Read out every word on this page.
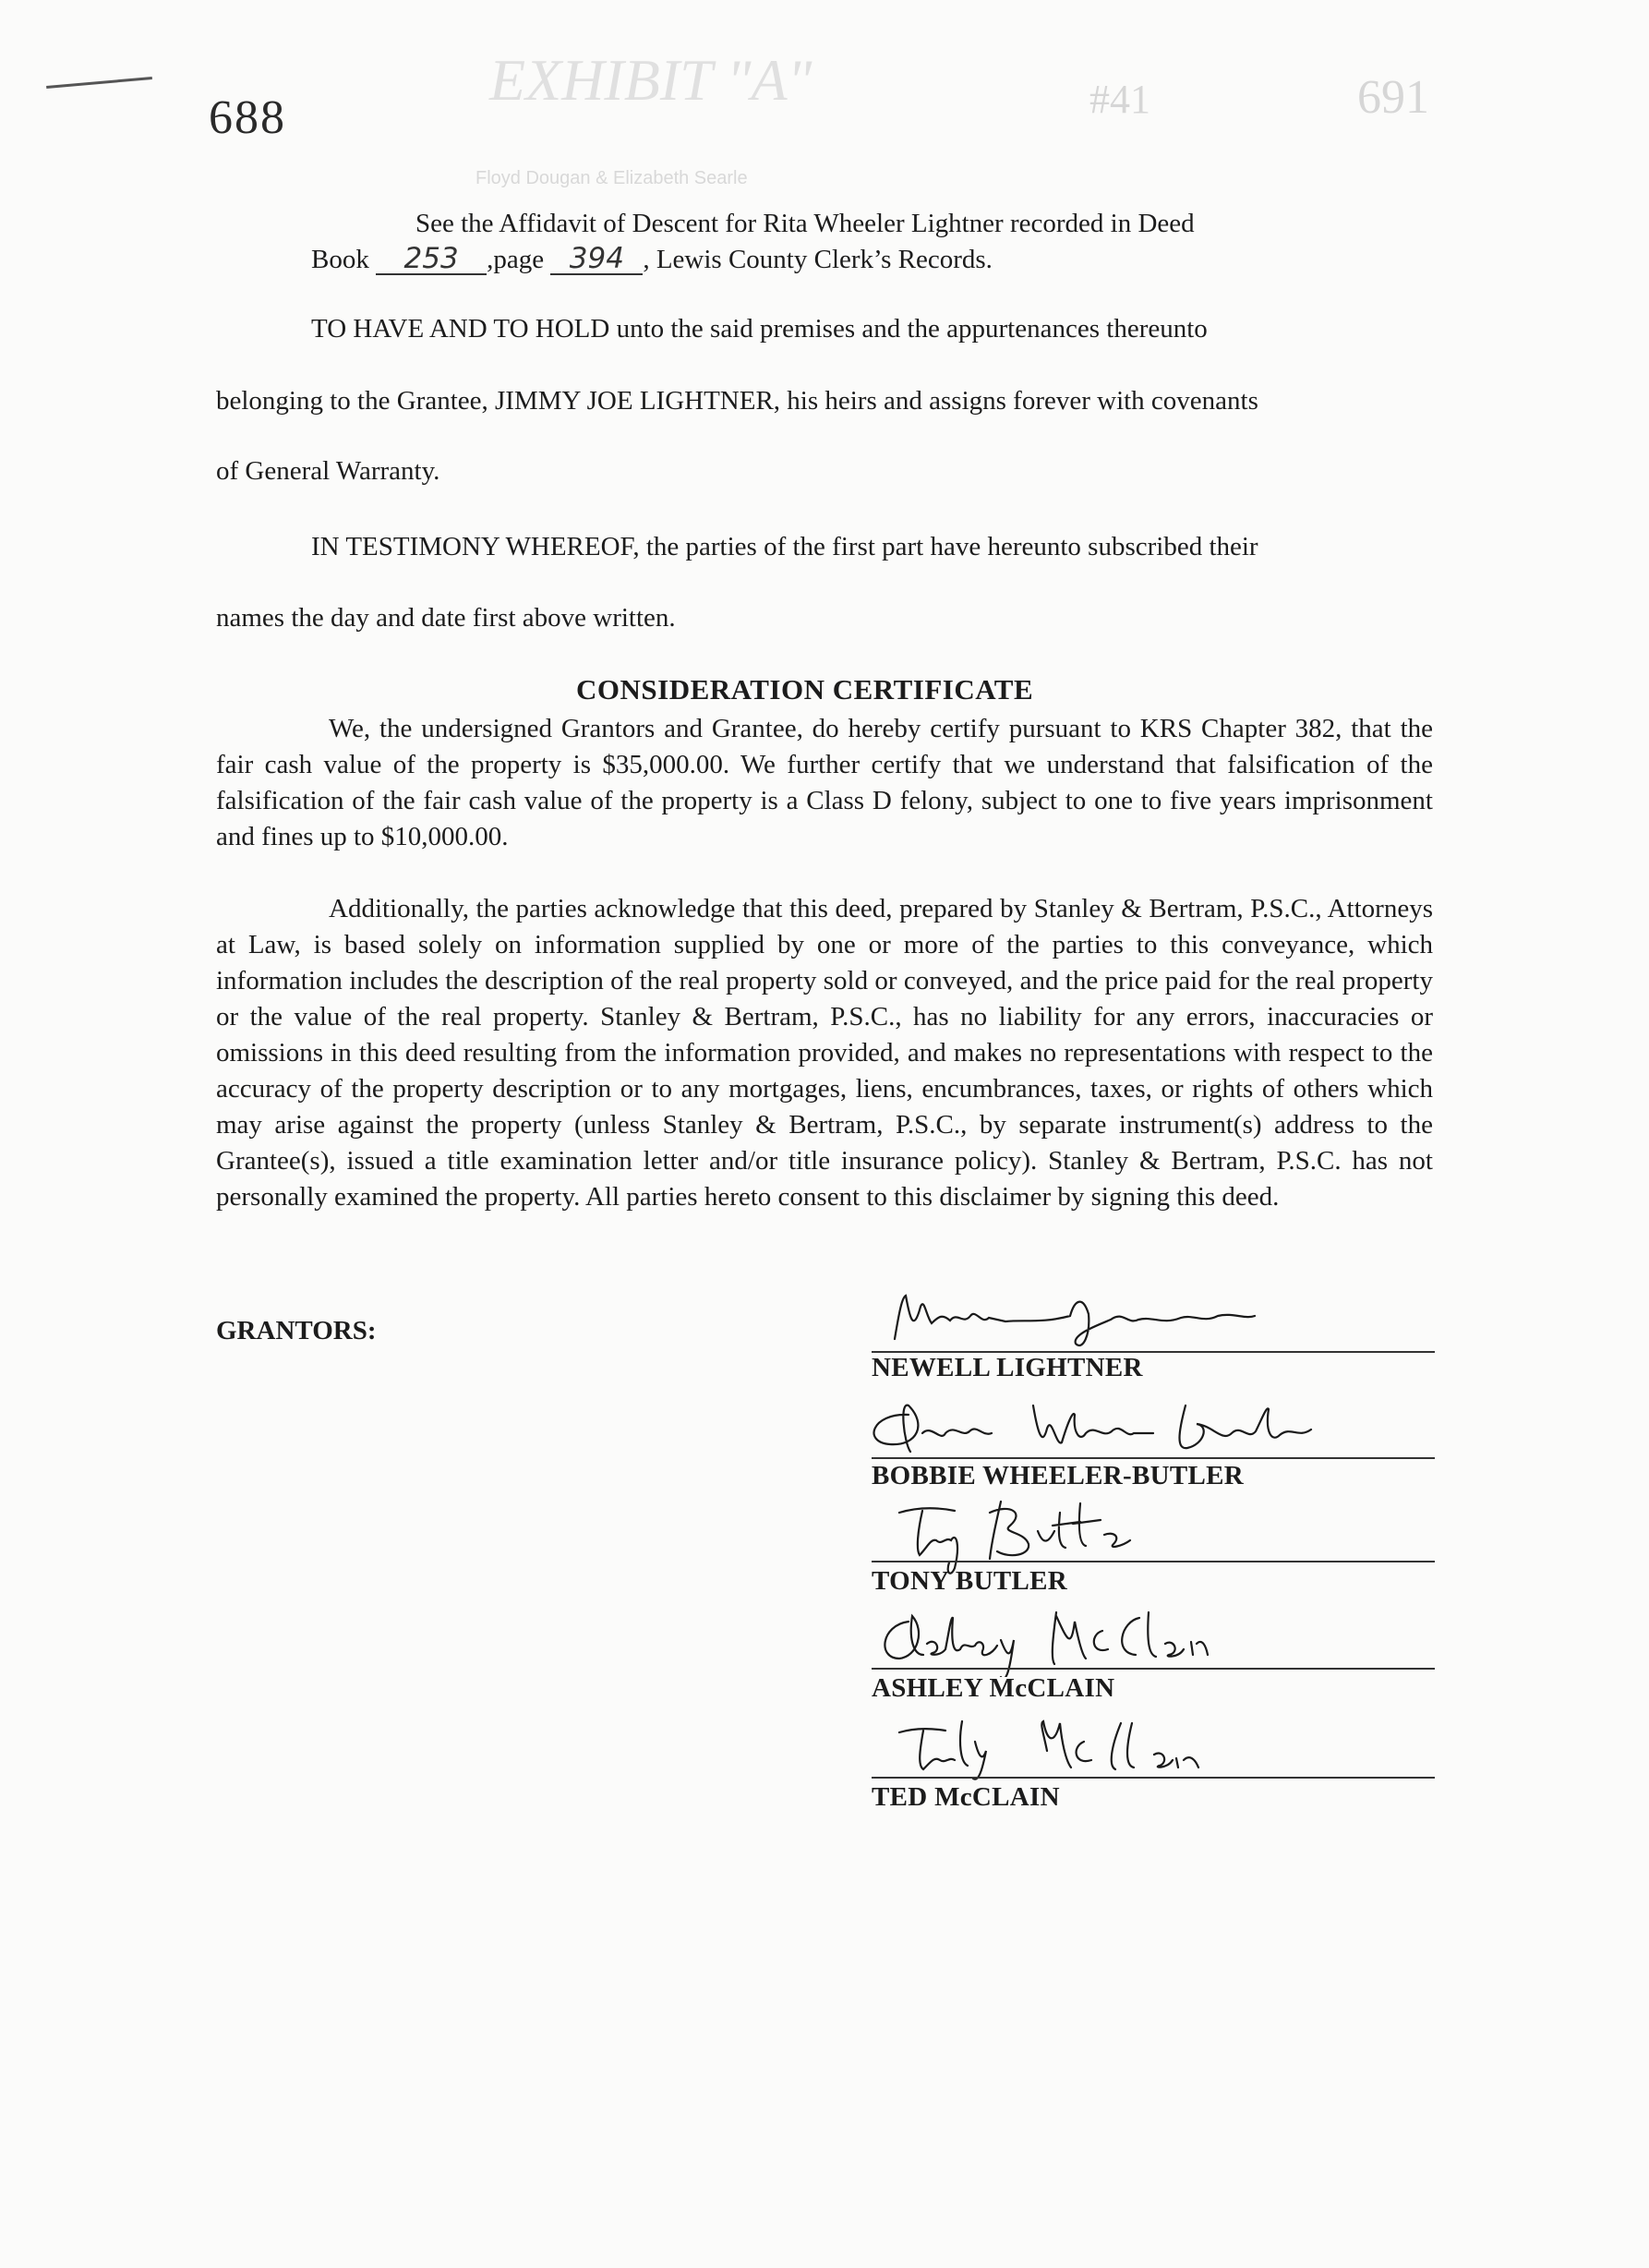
688
EXHIBIT "A"	#41	691
Floyd Dougan & Elizabeth Searle
See the Affidavit of Descent for Rita Wheeler Lightner recorded in Deed
Book 253 ,page 394 , Lewis County Clerk’s Records.
TO HAVE AND TO HOLD unto the said premises and the appurtenances thereunto
belonging to the Grantee, JIMMY JOE LIGHTNER, his heirs and assigns forever with covenants
of General Warranty.
IN TESTIMONY WHEREOF, the parties of the first part have hereunto subscribed their
names the day and date first above written.
CONSIDERATION CERTIFICATE
We, the undersigned Grantors and Grantee, do hereby certify pursuant to KRS Chapter 382, that the fair cash value of the property is $35,000.00. We further certify that we understand that falsification of the falsification of the fair cash value of the property is a Class D felony, subject to one to five years imprisonment and fines up to $10,000.00.
Additionally, the parties acknowledge that this deed, prepared by Stanley & Bertram, P.S.C., Attorneys at Law, is based solely on information supplied by one or more of the parties to this conveyance, which information includes the description of the real property sold or conveyed, and the price paid for the real property or the value of the real property. Stanley & Bertram, P.S.C., has no liability for any errors, inaccuracies or omissions in this deed resulting from the information provided, and makes no representations with respect to the accuracy of the property description or to any mortgages, liens, encumbrances, taxes, or rights of others which may arise against the property (unless Stanley & Bertram, P.S.C., by separate instrument(s) address to the Grantee(s), issued a title examination letter and/or title insurance policy). Stanley & Bertram, P.S.C. has not personally examined the property. All parties hereto consent to this disclaimer by signing this deed.
GRANTORS:
NEWELL LIGHTNER
BOBBIE WHEELER-BUTLER
TONY BUTLER
ASHLEY McCLAIN
TED McCLAIN
